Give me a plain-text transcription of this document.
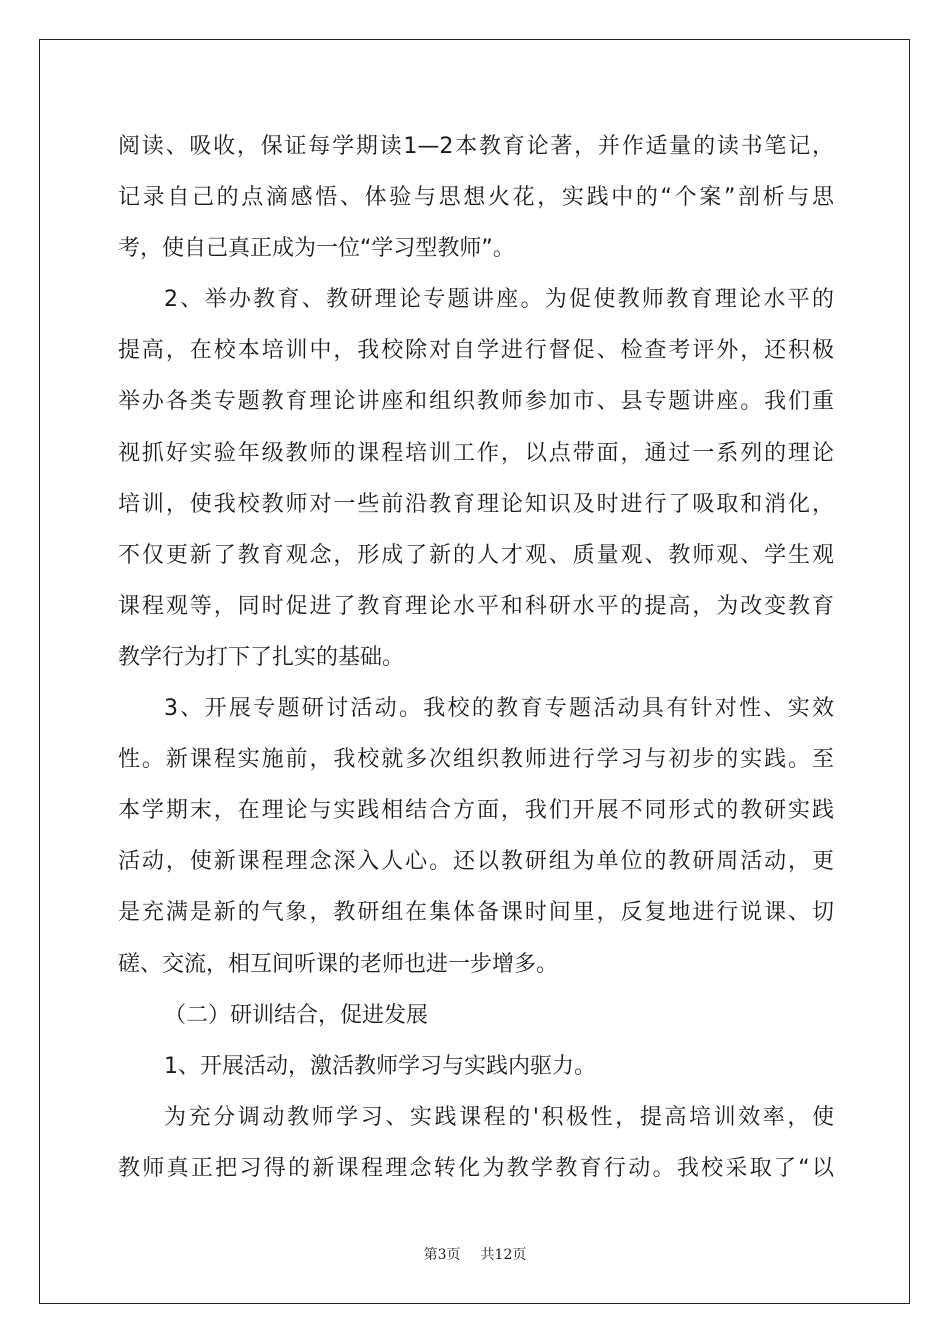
阅读、吸收，保证每学期读1—2本教育论著，并作适量的读书笔记，
记录自己的点滴感悟、体验与思想火花，实践中的“个案”剖析与思
考，使自己真正成为一位“学习型教师”。
2、举办教育、教研理论专题讲座。为促使教师教育理论水平的
提高，在校本培训中，我校除对自学进行督促、检查考评外，还积极
举办各类专题教育理论讲座和组织教师参加市、县专题讲座。我们重
视抓好实验年级教师的课程培训工作，以点带面，通过一系列的理论
培训，使我校教师对一些前沿教育理论知识及时进行了吸取和消化，
不仅更新了教育观念，形成了新的人才观、质量观、教师观、学生观
课程观等，同时促进了教育理论水平和科研水平的提高，为改变教育
教学行为打下了扎实的基础。
3、开展专题研讨活动。我校的教育专题活动具有针对性、实效
性。新课程实施前，我校就多次组织教师进行学习与初步的实践。至
本学期末，在理论与实践相结合方面，我们开展不同形式的教研实践
活动，使新课程理念深入人心。还以教研组为单位的教研周活动，更
是充满是新的气象，教研组在集体备课时间里，反复地进行说课、切
磋、交流，相互间听课的老师也进一步增多。
（二）研训结合，促进发展
1、开展活动，激活教师学习与实践内驱力。
为充分调动教师学习、实践课程的'积极性，提高培训效率，使
教师真正把习得的新课程理念转化为教学教育行动。我校采取了“以
第3页 共12页
